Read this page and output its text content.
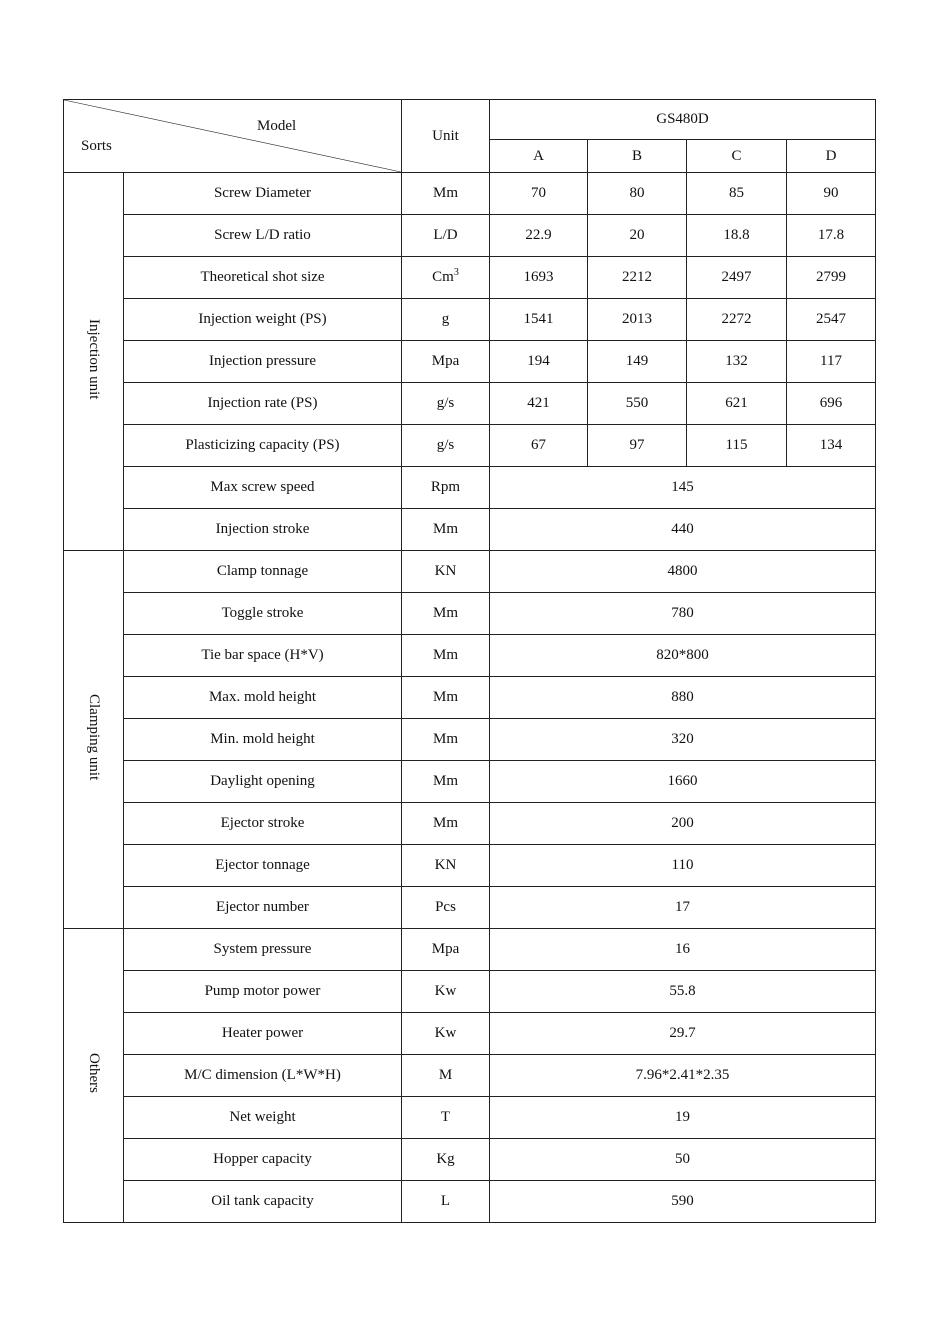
Model
Sorts		Unit	GS480D			
			A	B	C	D
Injection unit	Screw Diameter	Mm	70	80	85	90
	Screw L/D ratio	L/D	22.9	20	18.8	17.8
	Theoretical shot size	Cm$^3$	1693	2212	2497	2799
	Injection weight (PS)	g	1541	2013	2272	2547
	Injection pressure	Mpa	194	149	132	117
	Injection rate (PS)	g/s	421	550	621	696
	Plasticizing capacity (PS)	g/s	67	97	115	134
	Max screw speed	Rpm	145			
	Injection stroke	Mm	440			
Clamping unit	Clamp tonnage	KN	4800			
	Toggle stroke	Mm	780			
	Tie bar space (H*V)	Mm	820*800			
	Max. mold height	Mm	880			
	Min. mold height	Mm	320			
	Daylight opening	Mm	1660			
	Ejector stroke	Mm	200			
	Ejector tonnage	KN	110			
	Ejector number	Pcs	17			
Others	System pressure	Mpa	16			
	Pump motor power	Kw	55.8			
	Heater power	Kw	29.7			
	M/C dimension (L*W*H)	M	7.96*2.41*2.35			
	Net weight	T	19			
	Hopper capacity	Kg	50			
	Oil tank capacity	L	590			
